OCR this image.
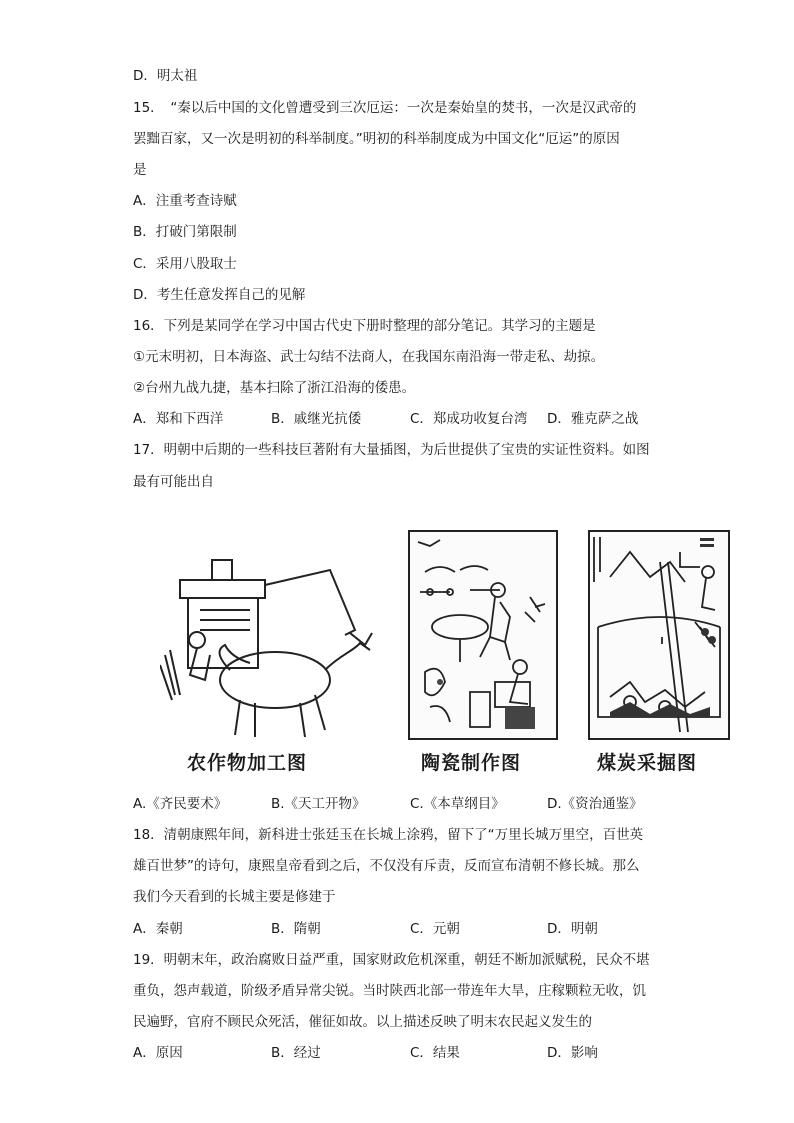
D．明太祖
15．　“秦以后中国的文化曾遭受到三次厄运：一次是秦始皇的焚书，一次是汉武帝的
罢黜百家，又一次是明初的科举制度。”明初的科举制度成为中国文化“厄运”的原因
是
A．注重考查诗赋
B．打破门第限制
C．采用八股取士
D．考生任意发挥自己的见解
16．下列是某同学在学习中国古代史下册时整理的部分笔记。其学习的主题是
①元末明初，日本海盗、武士勾结不法商人，在我国东南沿海一带走私、劫掠。
②台州九战九捷，基本扫除了浙江沿海的倭患。
A．郑和下西洋	B．戚继光抗倭	C．郑成功收复台湾 D．雅克萨之战
17．明朝中后期的一些科技巨著附有大量插图，为后世提供了宝贵的实证性资料。如图
最有可能出自
农作物加工图	陶瓷制作图	煤炭采掘图
A.《齐民要术》	B.《天工开物》	C.《本草纲目》	D.《资治通鉴》
18．清朝康熙年间，新科进士张廷玉在长城上涂鸦，留下了“万里长城万里空，百世英
雄百世梦”的诗句，康熙皇帝看到之后，不仅没有斥责，反而宣布清朝不修长城。那么
我们今天看到的长城主要是修建于
A．秦朝	B．隋朝	C．元朝	D．明朝
19．明朝末年，政治腐败日益严重，国家财政危机深重，朝廷不断加派赋税，民众不堪
重负，怨声载道，阶级矛盾异常尖锐。当时陕西北部一带连年大旱，庄稼颗粒无收，饥
民遍野，官府不顾民众死活，催征如故。以上描述反映了明末农民起义发生的
A．原因	B．经过	C．结果	D．影响
